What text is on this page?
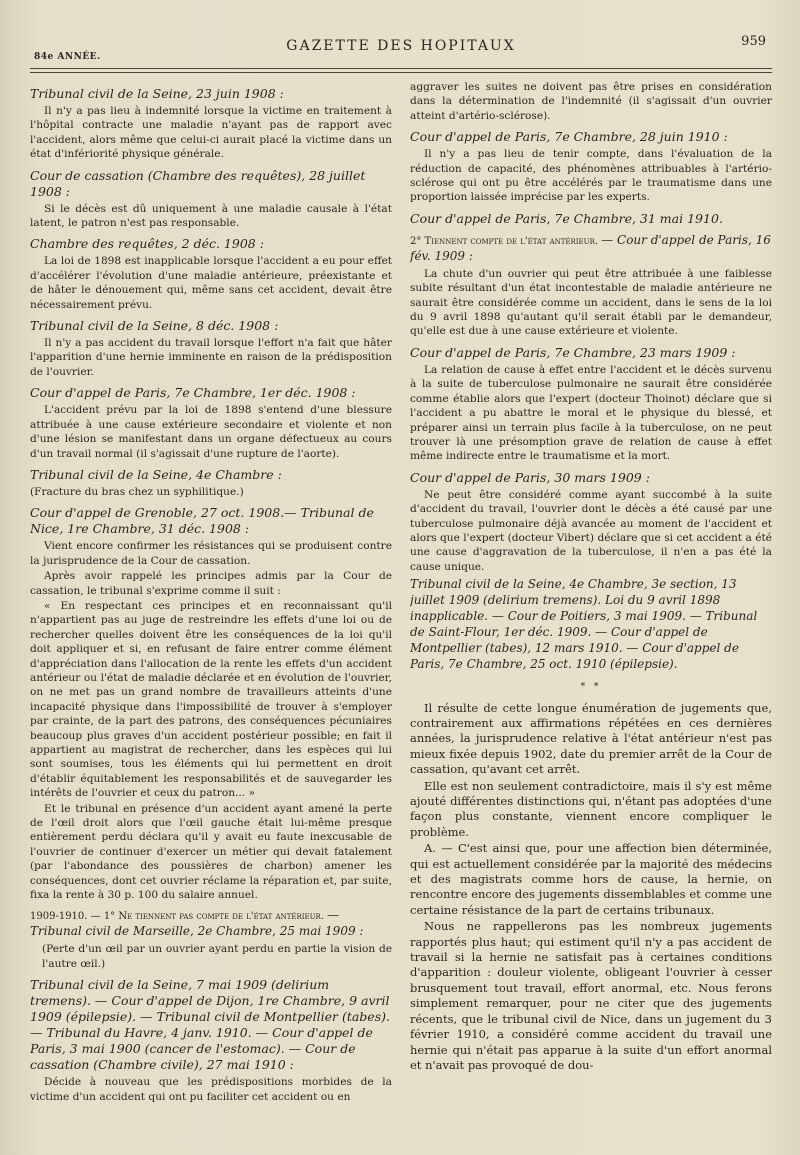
84e ANNÉE.
GAZETTE DES HOPITAUX	959
Tribunal civil de la Seine, 23 juin 1908 :

Il n'y a pas lieu à indemnité lorsque la victime en traitement à l'hôpital contracte une maladie n'ayant pas de rapport avec l'accident, alors même que celui-ci aurait placé la victime dans un état d'infériorité physique générale.

Cour de cassation (Chambre des requêtes), 28 juillet 1908 :

Si le décès est dû uniquement à une maladie causale à l'état latent, le patron n'est pas responsable.

Chambre des requêtes, 2 déc. 1908 :

La loi de 1898 est inapplicable lorsque l'accident a eu pour effet d'accélérer l'évolution d'une maladie antérieure, préexistante et de hâter le dénouement qui, même sans cet accident, devait être nécessairement prévu.

Tribunal civil de la Seine, 8 déc. 1908 :

Il n'y a pas accident du travail lorsque l'effort n'a fait que hâter l'apparition d'une hernie imminente en raison de la prédisposition de l'ouvrier.

Cour d'appel de Paris, 7e Chambre, 1er déc. 1908 :

L'accident prévu par la loi de 1898 s'entend d'une blessure attribuée à une cause extérieure secondaire et violente et non d'une lésion se manifestant dans un organe défectueux au cours d'un travail normal (il s'agissait d'une rupture de l'aorte).

Tribunal civil de la Seine, 4e Chambre :

(Fracture du bras chez un syphilitique.)

Cour d'appel de Grenoble, 27 oct. 1908.— Tribunal de Nice, 1re Chambre, 31 déc. 1908 :

Vient encore confirmer les résistances qui se produisent contre la jurisprudence de la Cour de cassation.

Après avoir rappelé les principes admis par la Cour de cassation, le tribunal s'exprime comme il suit :

« En respectant ces principes et en reconnaissant qu'il n'appartient pas au juge de restreindre les effets d'une loi ou de rechercher quelles doivent être les conséquences de la loi qu'il doit appliquer et si, en refusant de faire entrer comme élément d'appréciation dans l'allocation de la rente les effets d'un accident antérieur ou l'état de maladie déclarée et en évolution de l'ouvrier, on ne met pas un grand nombre de travailleurs atteints d'une incapacité physique dans l'impossibilité de trouver à s'employer par crainte, de la part des patrons, des conséquences pécuniaires beaucoup plus graves d'un accident postérieur possible; en fait il appartient au magistrat de rechercher, dans les espèces qui lui sont soumises, tous les éléments qui lui permettent en droit d'établir équitablement les responsabilités et de sauvegarder les intérêts de l'ouvrier et ceux du patron... »

Et le tribunal en présence d'un accident ayant amené la perte de l'œil droit alors que l'œil gauche était lui-même presque entièrement perdu déclara qu'il y avait eu faute inexcusable de l'ouvrier de continuer d'exercer un métier qui devait fatalement (par l'abondance des poussières de charbon) amener les conséquences, dont cet ouvrier réclame la réparation et, par suite, fixa la rente à 30 p. 100 du salaire annuel.

1909-1910. — 1° Ne tiennent pas compte de l'état antérieur. — Tribunal civil de Marseille, 2e Chambre, 25 mai 1909 :

(Perte d'un œil par un ouvrier ayant perdu en partie la vision de l'autre œil.)

Tribunal civil de la Seine, 7 mai 1909 (delirium tremens). — Cour d'appel de Dijon, 1re Chambre, 9 avril 1909 (épilepsie). — Tribunal civil de Montpellier (tabes). — Tribunal du Havre, 4 janv. 1910. — Cour d'appel de Paris, 3 mai 1900 (cancer de l'estomac). — Cour de cassation (Chambre civile), 27 mai 1910 :

Décide à nouveau que les prédispositions morbides de la victime d'un accident qui ont pu faciliter cet accident ou en

aggraver les suites ne doivent pas être prises en considération dans la détermination de l'indemnité (il s'agissait d'un ouvrier atteint d'artério-sclérose).

Cour d'appel de Paris, 7e Chambre, 28 juin 1910 :

Il n'y a pas lieu de tenir compte, dans l'évaluation de la réduction de capacité, des phénomènes attribuables à l'artério-sclérose qui ont pu être accélérés par le traumatisme dans une proportion laissée imprécise par les experts.

Cour d'appel de Paris, 7e Chambre, 31 mai 1910.
2° Tiennent compte de l'état antérieur. — Cour d'appel de Paris, 16 fév. 1909 :

La chute d'un ouvrier qui peut être attribuée à une faiblesse subite résultant d'un état incontestable de maladie antérieure ne saurait être considérée comme un accident, dans le sens de la loi du 9 avril 1898 qu'autant qu'il serait établi par le demandeur, qu'elle est due à une cause extérieure et violente.

Cour d'appel de Paris, 7e Chambre, 23 mars 1909 :

La relation de cause à effet entre l'accident et le décès survenu à la suite de tuberculose pulmonaire ne saurait être considérée comme établie alors que l'expert (docteur Thoinot) déclare que si l'accident a pu abattre le moral et le physique du blessé, et préparer ainsi un terrain plus facile à la tuberculose, on ne peut trouver là une présomption grave de relation de cause à effet même indirecte entre le traumatisme et la mort.

Cour d'appel de Paris, 30 mars 1909 :

Ne peut être considéré comme ayant succombé à la suite d'accident du travail, l'ouvrier dont le décès a été causé par une tuberculose pulmonaire déjà avancée au moment de l'accident et alors que l'expert (docteur Vibert) déclare que si cet accident a été une cause d'aggravation de la tuberculose, il n'en a pas été la cause unique.

Tribunal civil de la Seine, 4e Chambre, 3e section, 13 juillet 1909 (delirium tremens). Loi du 9 avril 1898 inapplicable. — Cour de Poitiers, 3 mai 1909. — Tribunal de Saint-Flour, 1er déc. 1909. — Cour d'appel de Montpellier (tabes), 12 mars 1910. — Cour d'appel de Paris, 7e Chambre, 25 oct. 1910 (épilepsie).
* *

Il résulte de cette longue énumération de jugements que, contrairement aux affirmations répétées en ces dernières années, la jurisprudence relative à l'état antérieur n'est pas mieux fixée depuis 1902, date du premier arrêt de la Cour de cassation, qu'avant cet arrêt.

Elle est non seulement contradictoire, mais il s'y est même ajouté différentes distinctions qui, n'étant pas adoptées d'une façon plus constante, viennent encore compliquer le problème.

A. — C'est ainsi que, pour une affection bien déterminée, qui est actuellement considérée par la majorité des médecins et des magistrats comme hors de cause, la hernie, on rencontre encore des jugements dissemblables et comme une certaine résistance de la part de certains tribunaux.

Nous ne rappellerons pas les nombreux jugements rapportés plus haut; qui estiment qu'il n'y a pas accident de travail si la hernie ne satisfait pas à certaines conditions d'apparition : douleur violente, obligeant l'ouvrier à cesser brusquement tout travail, effort anormal, etc. Nous ferons simplement remarquer, pour ne citer que des jugements récents, que le tribunal civil de Nice, dans un jugement du 3 février 1910, a considéré comme accident du travail une hernie qui n'était pas apparue à la suite d'un effort anormal et n'avait pas provoqué de dou-
